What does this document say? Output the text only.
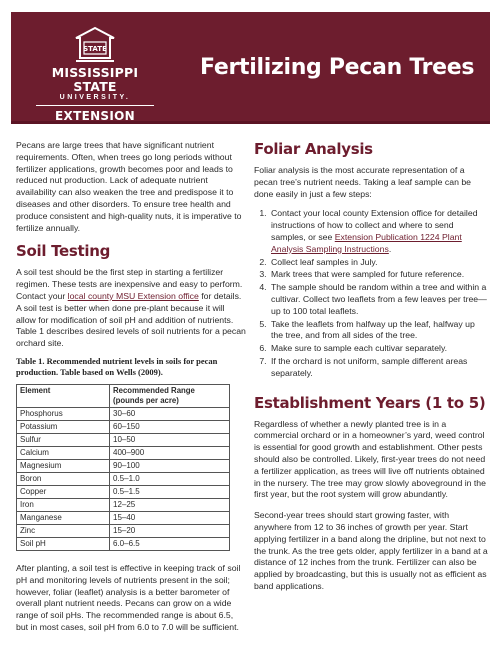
STATE
MISSISSIPPI STATE
UNIVERSITY.
EXTENSION
Fertilizing Pecan Trees

Pecans are large trees that have significant nutrient requirements. Often, when trees go long periods without fertilizer applications, growth becomes poor and leads to reduced nut production. Lack of adequate nutrient availability can also weaken the tree and predispose it to diseases and other disorders. To ensure tree health and produce consistent and high-quality nuts, it is imperative to fertilize annually.

Soil Testing

A soil test should be the first step in starting a fertilizer regimen. These tests are inexpensive and easy to perform. Contact your local county MSU Extension office for details. A soil test is better when done pre-plant because it will allow for modification of soil pH and addition of nutrients. Table 1 describes desired levels of soil nutrients for a pecan orchard site.

Table 1. Recommended nutrient levels in soils for pecan production. Table based on Wells (2009).
Element	Recommended Range (pounds per acre)
Phosphorus	30–60
Potassium	60–150
Sulfur	10–50
Calcium	400–900
Magnesium	90–100
Boron	0.5–1.0
Copper	0.5–1.5
Iron	12–25
Manganese	15–40
Zinc	15–20
Soil pH	6.0–6.5

After planting, a soil test is effective in keeping track of soil pH and monitoring levels of nutrients present in the soil; however, foliar (leaflet) analysis is a better barometer of overall plant nutrient needs. Pecans can grow on a wide range of soil pHs. The recommended range is about 6.5, but in most cases, soil pH from 6.0 to 7.0 will be sufficient.

Foliar Analysis

Foliar analysis is the most accurate representation of a pecan tree’s nutrient needs. Taking a leaf sample can be done easily in just a few steps:

1. Contact your local county Extension office for detailed instructions of how to collect and where to send samples, or see Extension Publication 1224 Plant Analysis Sampling Instructions.
2. Collect leaf samples in July.
3. Mark trees that were sampled for future reference.
4. The sample should be random within a tree and within a cultivar. Collect two leaflets from a few leaves per tree—up to 100 total leaflets.
5. Take the leaflets from halfway up the leaf, halfway up the tree, and from all sides of the tree.
6. Make sure to sample each cultivar separately.
7. If the orchard is not uniform, sample different areas separately.
Establishment Years (1 to 5)

Regardless of whether a newly planted tree is in a commercial orchard or in a homeowner’s yard, weed control is essential for good growth and establishment. Other pests should also be controlled. Likely, first-year trees do not need a fertilizer application, as trees will live off nutrients obtained in the nursery. The tree may grow slowly aboveground in the first year, but the root system will grow abundantly.

Second-year trees should start growing faster, with anywhere from 12 to 36 inches of growth per year. Start applying fertilizer in a band along the dripline, but not next to the trunk. As the tree gets older, apply fertilizer in a band at a distance of 12 inches from the trunk. Fertilizer can also be applied by broadcasting, but this is usually not as efficient as band applications.
